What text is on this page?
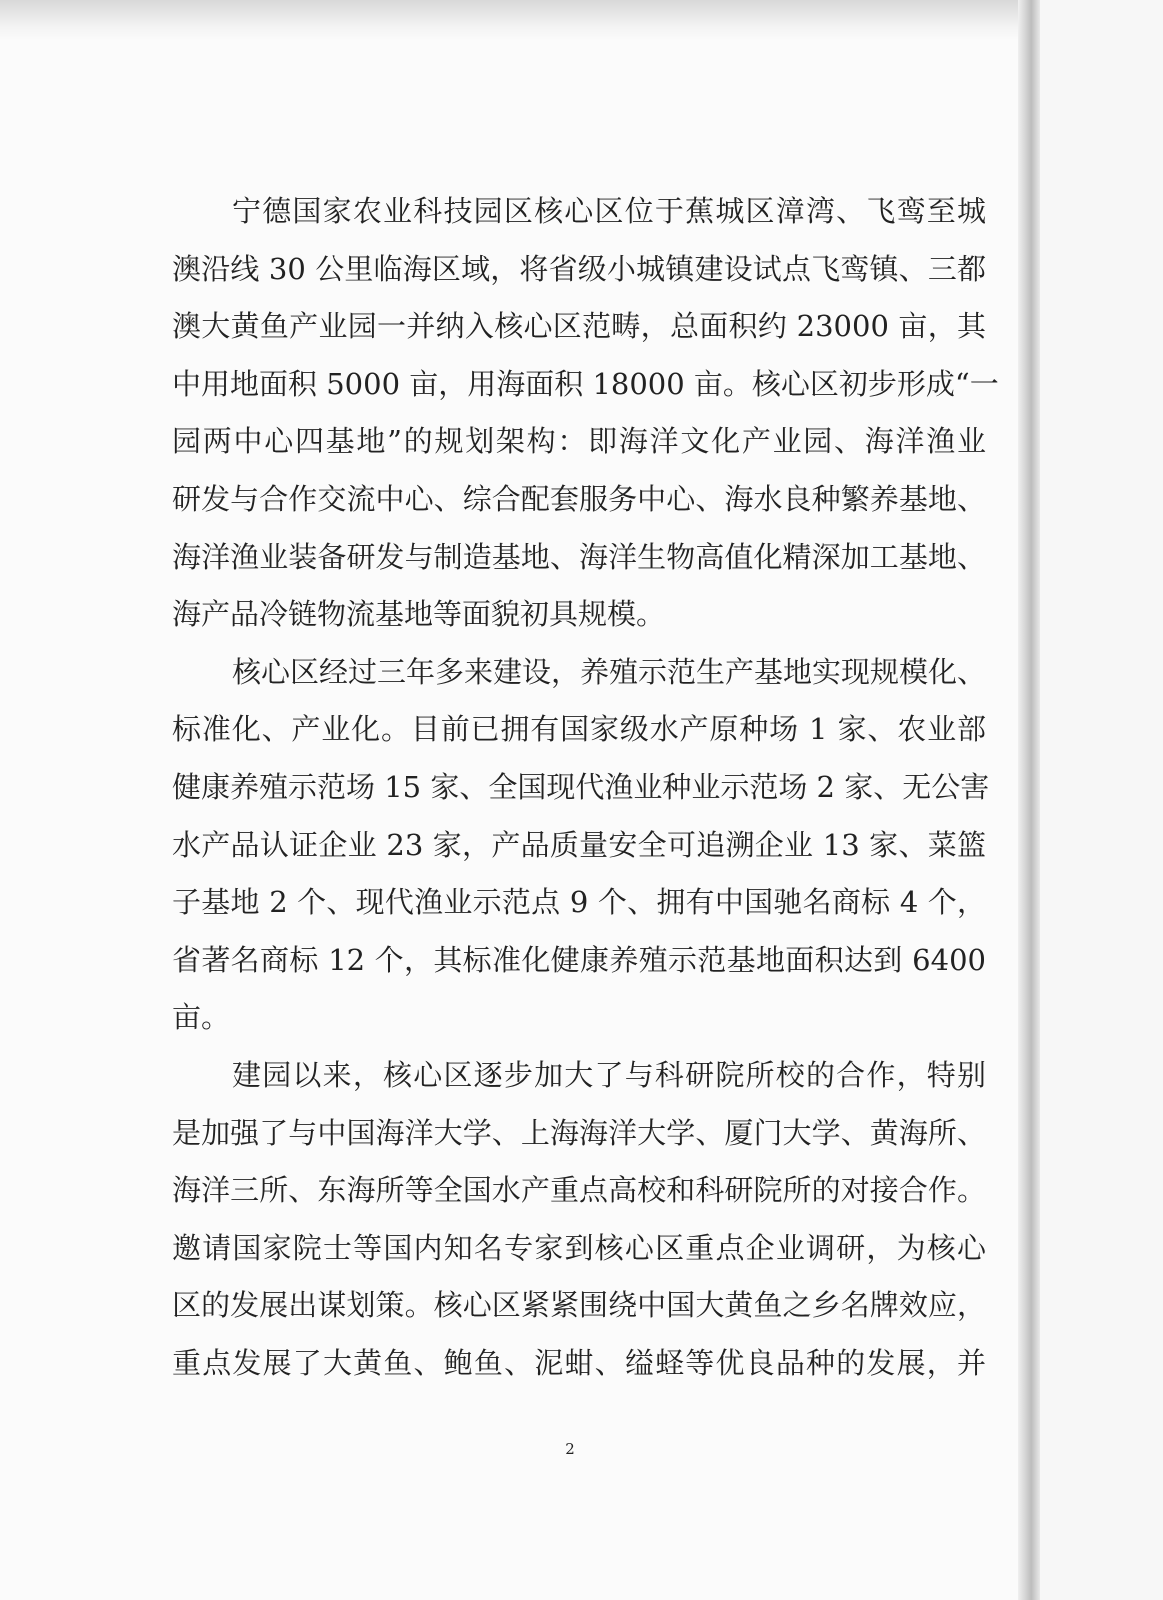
宁德国家农业科技园区核心区位于蕉城区漳湾、飞鸾至城
澳沿线 30 公里临海区域，将省级小城镇建设试点飞鸾镇、三都
澳大黄鱼产业园一并纳入核心区范畴，总面积约 23000 亩，其
中用地面积 5000 亩，用海面积 18000 亩。核心区初步形成“一
园两中心四基地”的规划架构：即海洋文化产业园、海洋渔业
研发与合作交流中心、综合配套服务中心、海水良种繁养基地、
海洋渔业装备研发与制造基地、海洋生物高值化精深加工基地、
海产品冷链物流基地等面貌初具规模。
核心区经过三年多来建设，养殖示范生产基地实现规模化、
标准化、产业化。目前已拥有国家级水产原种场 1 家、农业部
健康养殖示范场 15 家、全国现代渔业种业示范场 2 家、无公害
水产品认证企业 23 家，产品质量安全可追溯企业 13 家、菜篮
子基地 2 个、现代渔业示范点 9 个、拥有中国驰名商标 4 个，
省著名商标 12 个，其标准化健康养殖示范基地面积达到 6400
亩。
建园以来，核心区逐步加大了与科研院所校的合作，特别
是加强了与中国海洋大学、上海海洋大学、厦门大学、黄海所、
海洋三所、东海所等全国水产重点高校和科研院所的对接合作。
邀请国家院士等国内知名专家到核心区重点企业调研，为核心
区的发展出谋划策。核心区紧紧围绕中国大黄鱼之乡名牌效应，
重点发展了大黄鱼、鲍鱼、泥蚶、缢蛏等优良品种的发展，并
2
